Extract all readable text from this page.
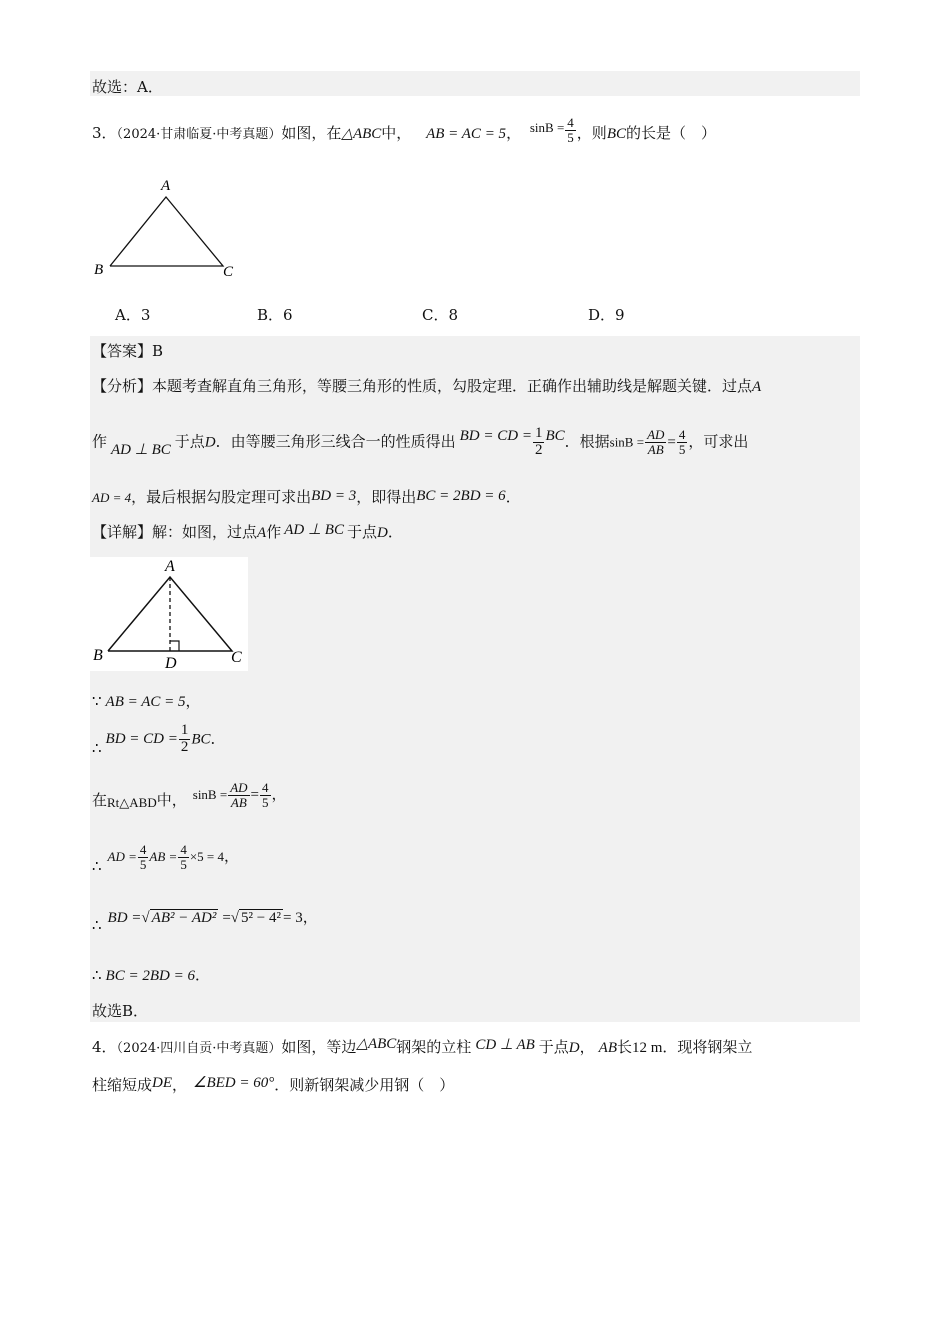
故选：A．
3．（2024·甘肃临夏·中考真题）如图，在△ABC中， AB = AC = 5， $\sin B = \frac{4}{5}$ ，则BC的长是（　）
A
B	C
A．3	B．6	C．8	D．9
【答案】B
【分析】本题考查解直角三角形，等腰三角形的性质，勾股定理．正确作出辅助线是解题关键．过点A
作 AD ⊥ BC 于点D．由等腰三角形三线合一的性质得出 BD = CD = $\frac{1}{2}$ BC．根据$\sin B = \frac{AD}{AB} = \frac{4}{5}$ ，可求出
AD = 4，最后根据勾股定理可求出BD = 3，即得出BC = 2BD = 6．
【详解】解：如图，过点A作 AD ⊥ BC 于点D．
A
B	C
D
∵ AB = AC = 5，
∴ BD = CD = $\frac{1}{2}$ BC．
在Rt△ABD中， $\sin B = \frac{AD}{AB} = \frac{4}{5}$ ，
∴AD = $\frac{4}{5}$ AB = $\frac{4}{5} \times 5 = 4$，
∴ BD =√ AB² − AD² =√ 5² − 4² = 3，
∴ BC = 2BD = 6．
故选B．
4．（2024·四川自贡·中考真题）如图，等边△ABC钢架的立柱 CD ⊥ AB 于点D， AB长12 m．现将钢架立
柱缩短成DE， ∠BED = 60°．则新钢架减少用钢（　）
